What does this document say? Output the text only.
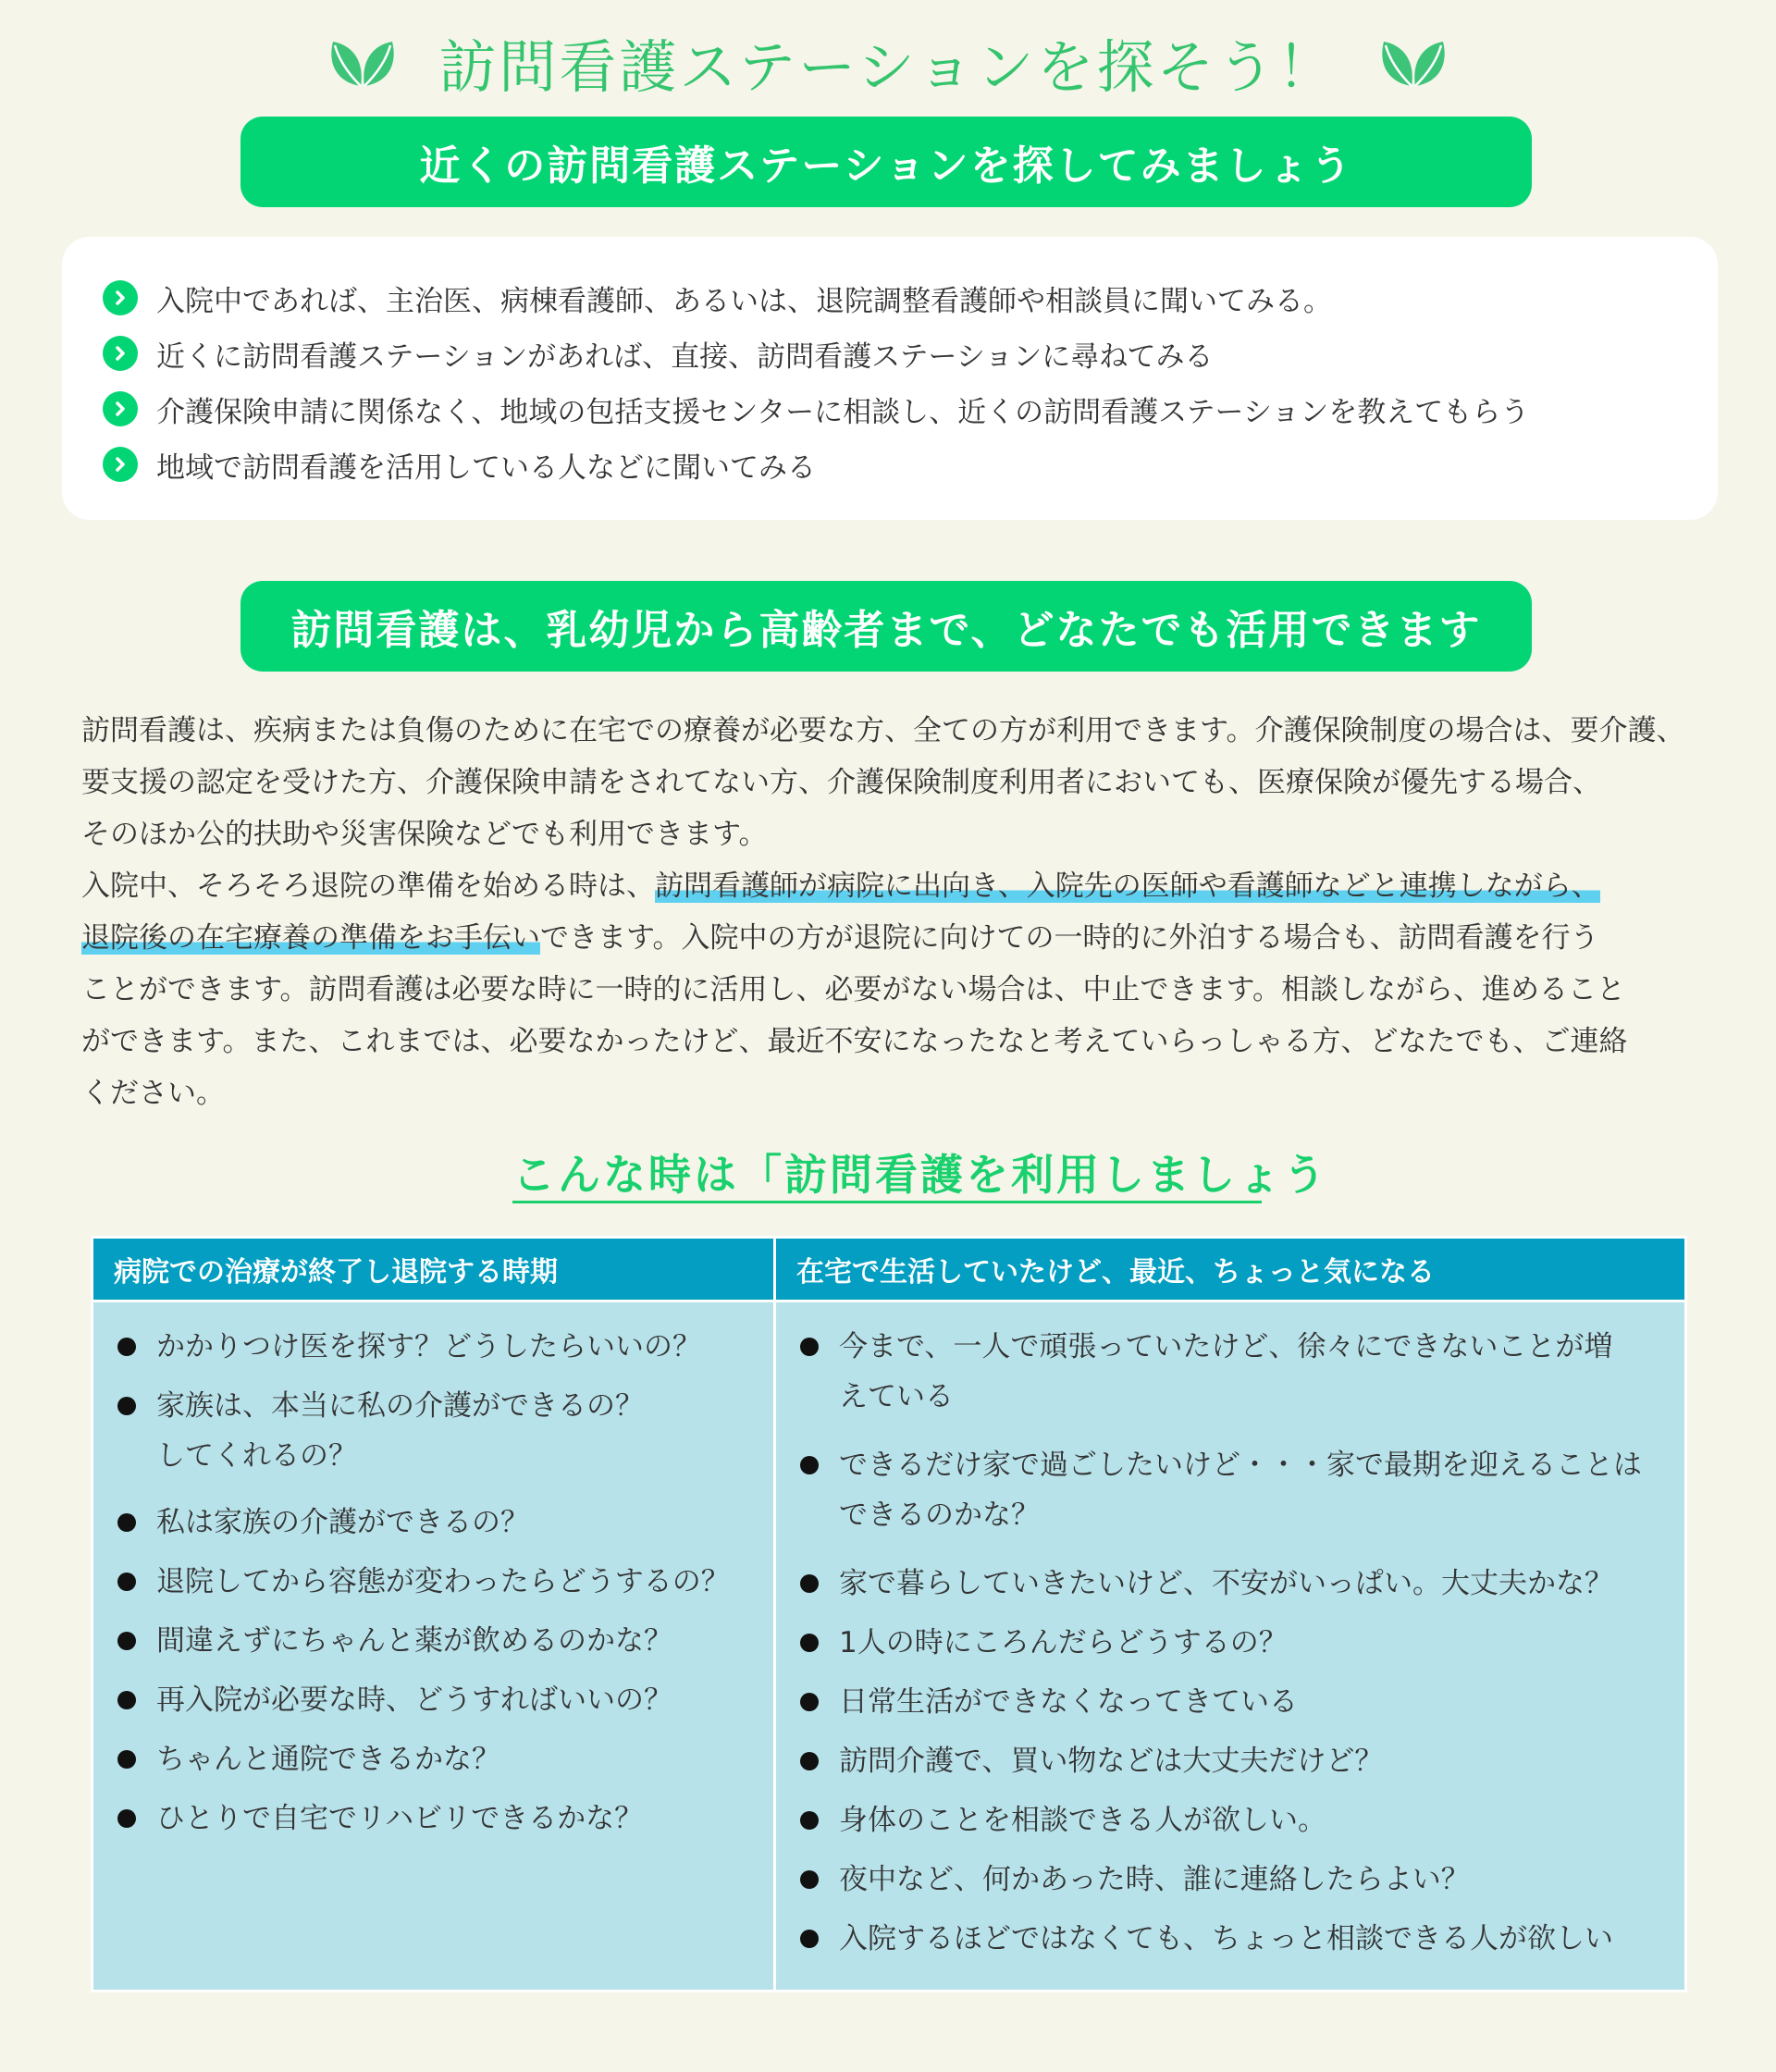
訪問看護ステーションを探そう！
近くの訪問看護ステーションを探してみましょう
入院中であれば、主治医、病棟看護師、あるいは、退院調整看護師や相談員に聞いてみる。
近くに訪問看護ステーションがあれば、直接、訪問看護ステーションに尋ねてみる
介護保険申請に関係なく、地域の包括支援センターに相談し、近くの訪問看護ステーションを教えてもらう
地域で訪問看護を活用している人などに聞いてみる
訪問看護は、乳幼児から高齢者まで、どなたでも活用できます
訪問看護は、疾病または負傷のために在宅での療養が必要な方、全ての方が利用できます。介護保険制度の場合は、要介護、
要支援の認定を受けた方、介護保険申請をされてない方、介護保険制度利用者においても、医療保険が優先する場合、
そのほか公的扶助や災害保険などでも利用できます。
入院中、そろそろ退院の準備を始める時は、訪問看護師が病院に出向き、入院先の医師や看護師などと連携しながら、
退院後の在宅療養の準備をお手伝いできます。入院中の方が退院に向けての一時的に外泊する場合も、訪問看護を行う
ことができます。訪問看護は必要な時に一時的に活用し、必要がない場合は、中止できます。相談しながら、進めること
ができます。また、これまでは、必要なかったけど、最近不安になったなと考えていらっしゃる方、どなたでも、ご連絡
ください。
こんな時は「訪問看護を利用しましょう
病院での治療が終了し退院する時期
かかりつけ医を探す？どうしたらいいの？
家族は、本当に私の介護ができるの？
してくれるの？
私は家族の介護ができるの？
退院してから容態が変わったらどうするの？
間違えずにちゃんと薬が飲めるのかな？
再入院が必要な時、どうすればいいの？
ちゃんと通院できるかな？
ひとりで自宅でリハビリできるかな？
在宅で生活していたけど、最近、ちょっと気になる
今まで、一人で頑張っていたけど、徐々にできないことが増
えている
できるだけ家で過ごしたいけど・・・家で最期を迎えることは
できるのかな？
家で暮らしていきたいけど、不安がいっぱい。大丈夫かな？
1人の時にころんだらどうするの？
日常生活ができなくなってきている
訪問介護で、買い物などは大丈夫だけど？
身体のことを相談できる人が欲しい。
夜中など、何かあった時、誰に連絡したらよい？
入院するほどではなくても、ちょっと相談できる人が欲しい
